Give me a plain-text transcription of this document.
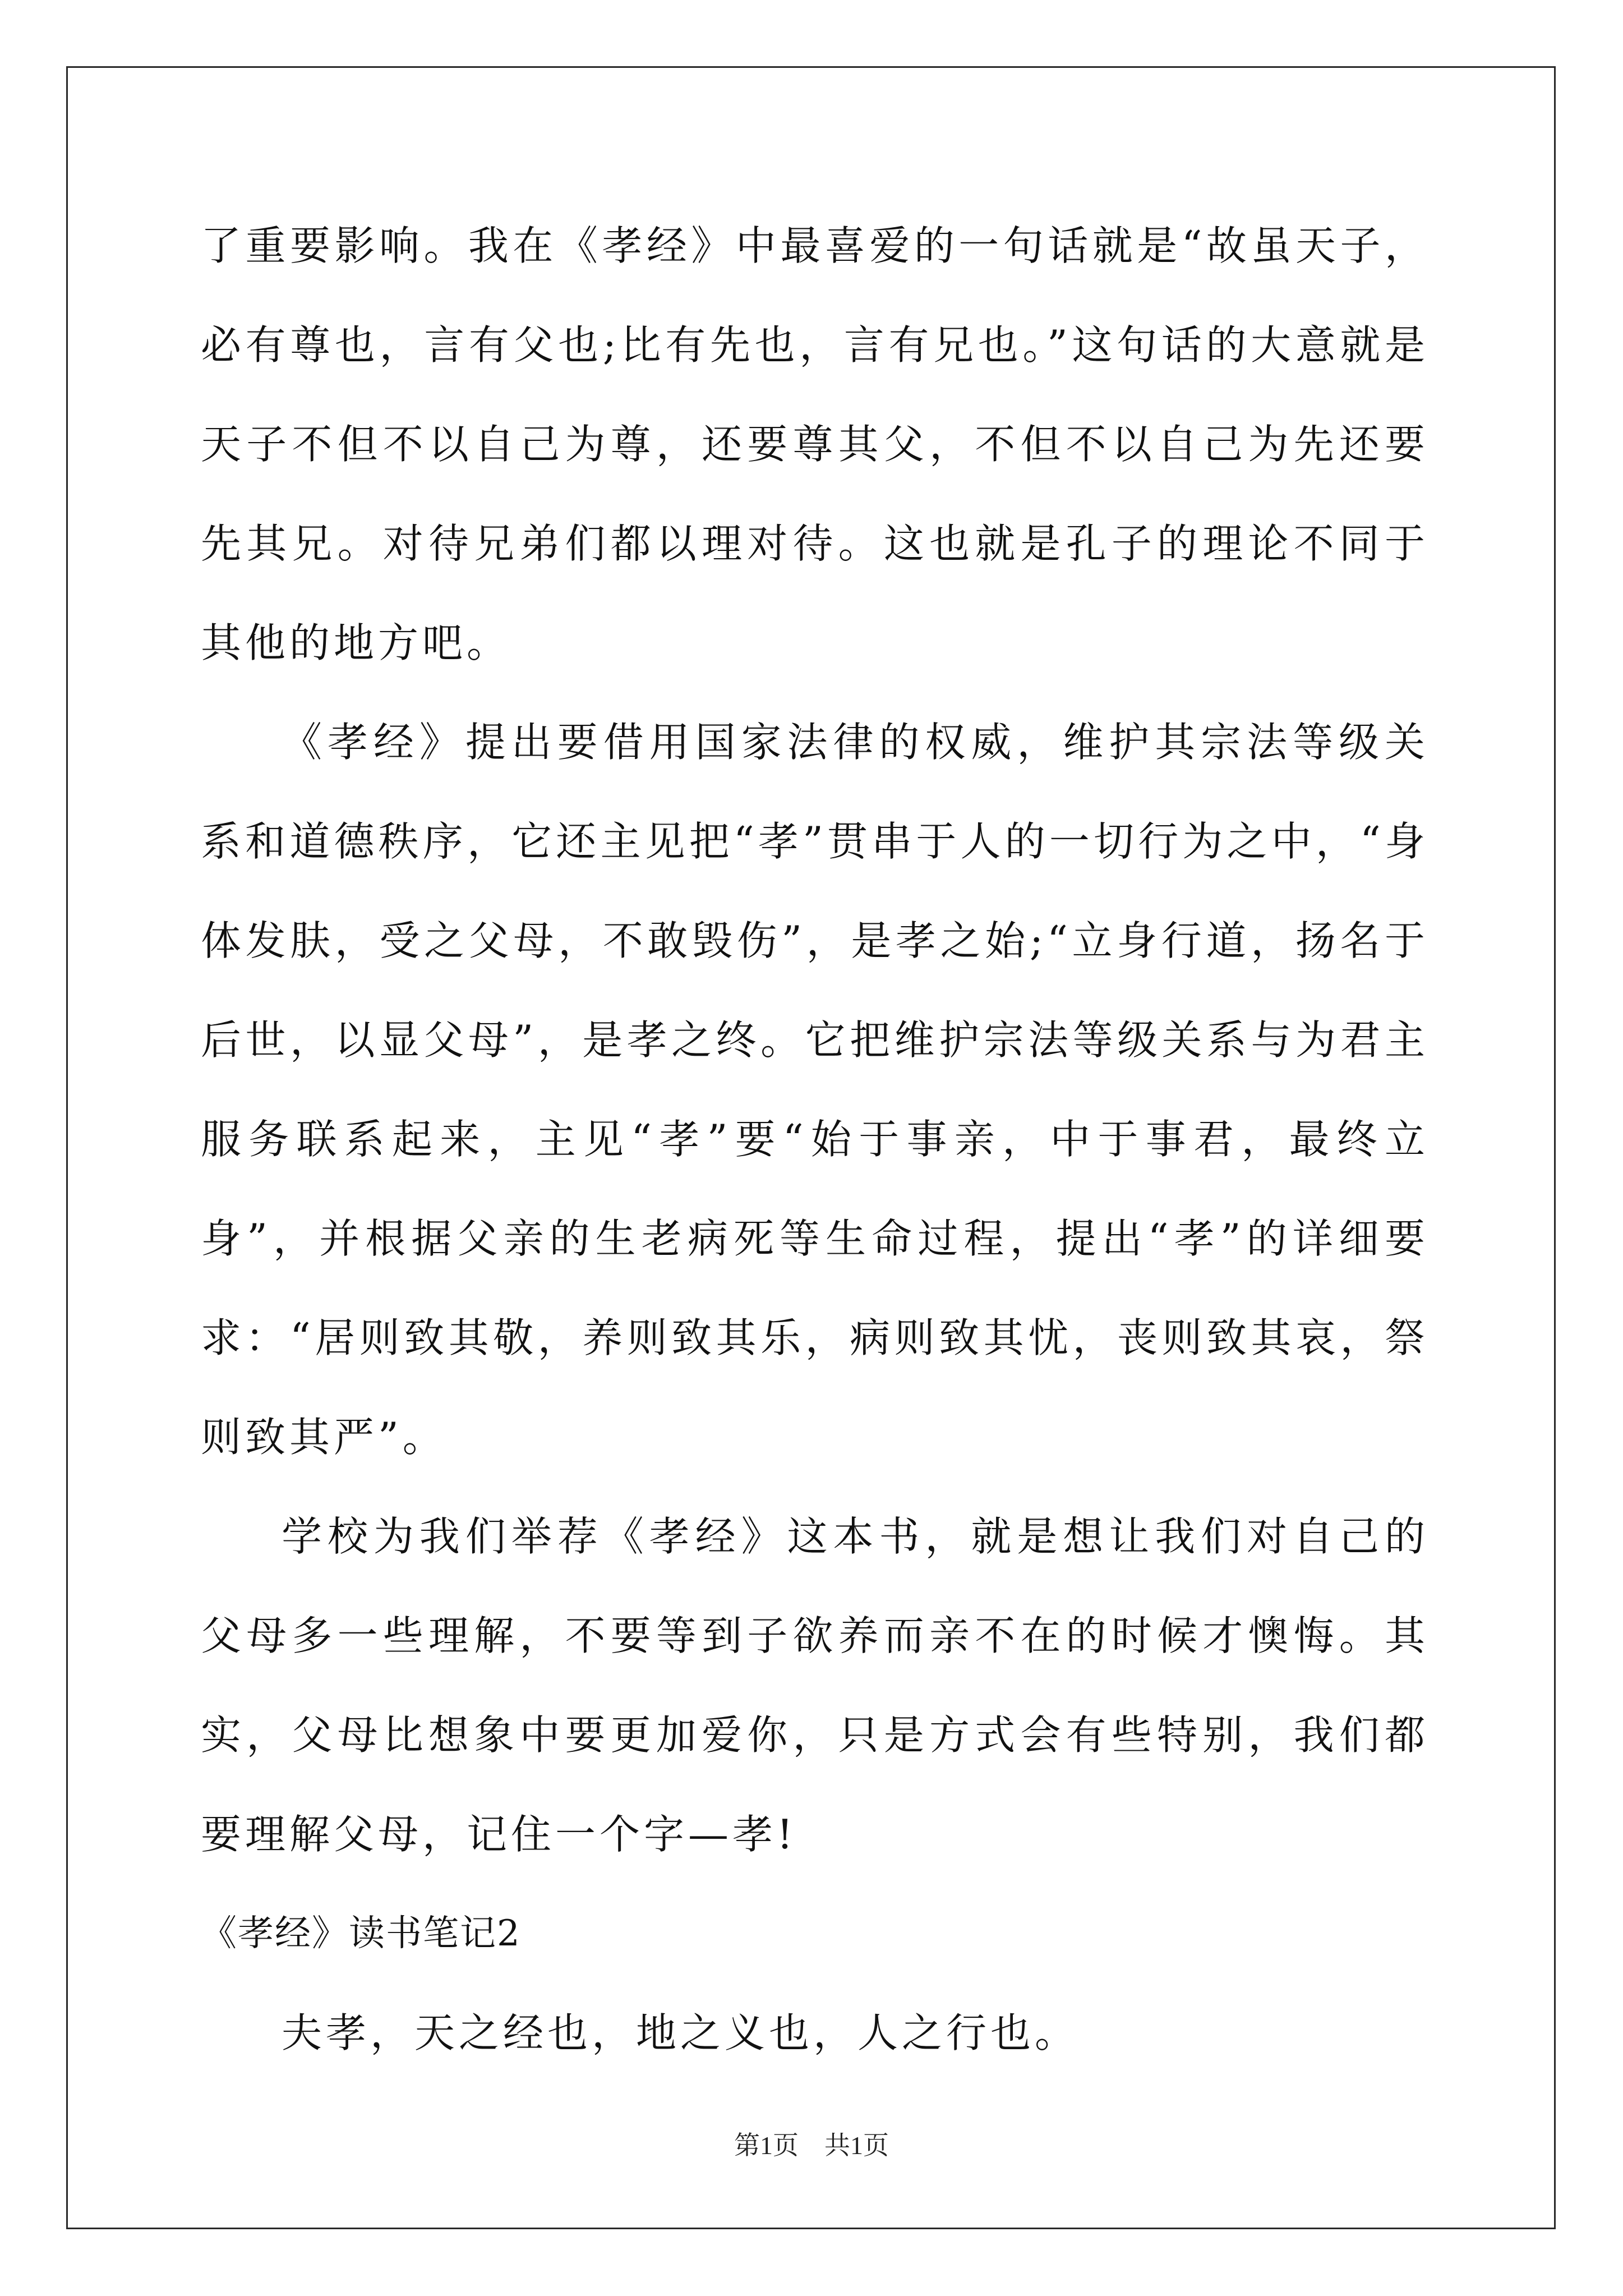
了重要影响。我在《孝经》中最喜爱的一句话就是“故虽天子，必有尊也，言有父也;比有先也，言有兄也。”这句话的大意就是天子不但不以自己为尊，还要尊其父，不但不以自己为先还要先其兄。对待兄弟们都以理对待。这也就是孔子的理论不同于其他的地方吧。

《孝经》提出要借用国家法律的权威，维护其宗法等级关系和道德秩序，它还主见把“孝”贯串于人的一切行为之中，“身体发肤，受之父母，不敢毁伤”，是孝之始;“立身行道，扬名于后世，以显父母”，是孝之终。它把维护宗法等级关系与为君主服务联系起来，主见“孝”要“始于事亲，中于事君，最终立身”，并根据父亲的生老病死等生命过程，提出“孝”的详细要求：“居则致其敬，养则致其乐，病则致其忧，丧则致其哀，祭则致其严”。

学校为我们举荐《孝经》这本书，就是想让我们对自己的父母多一些理解，不要等到子欲养而亲不在的时候才懊悔。其实，父母比想象中要更加爱你，只是方式会有些特别，我们都要理解父母，记住一个字—孝!

《孝经》读书笔记2

夫孝，天之经也，地之义也，人之行也。

第1页 共1页
